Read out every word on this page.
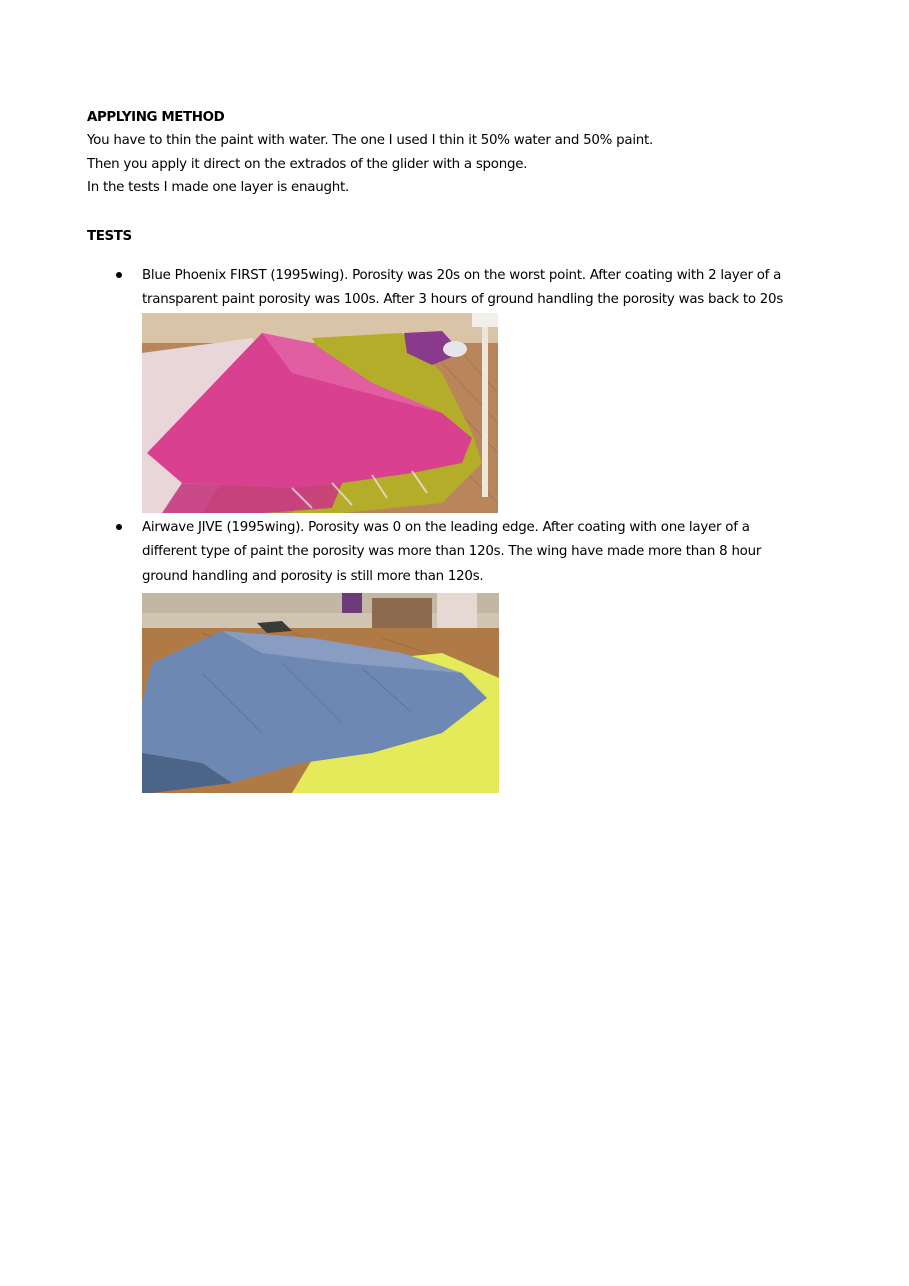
APPLYING METHOD
You have to thin the paint with water. The one I used I thin it 50% water and 50% paint.
Then you apply it direct on the extrados of the glider with a sponge.
In the tests I made one layer is enaught.
TESTS
Blue Phoenix FIRST (1995wing). Porosity was 20s on the worst point. After coating with 2 layer of a
transparent paint porosity was 100s. After 3 hours of ground handling the porosity was back to 20s
Airwave JIVE (1995wing). Porosity was 0 on the leading edge. After coating with one layer of a
different type of paint the porosity was more than 120s. The wing have made more than 8 hour
ground handling and porosity is still more than 120s.
